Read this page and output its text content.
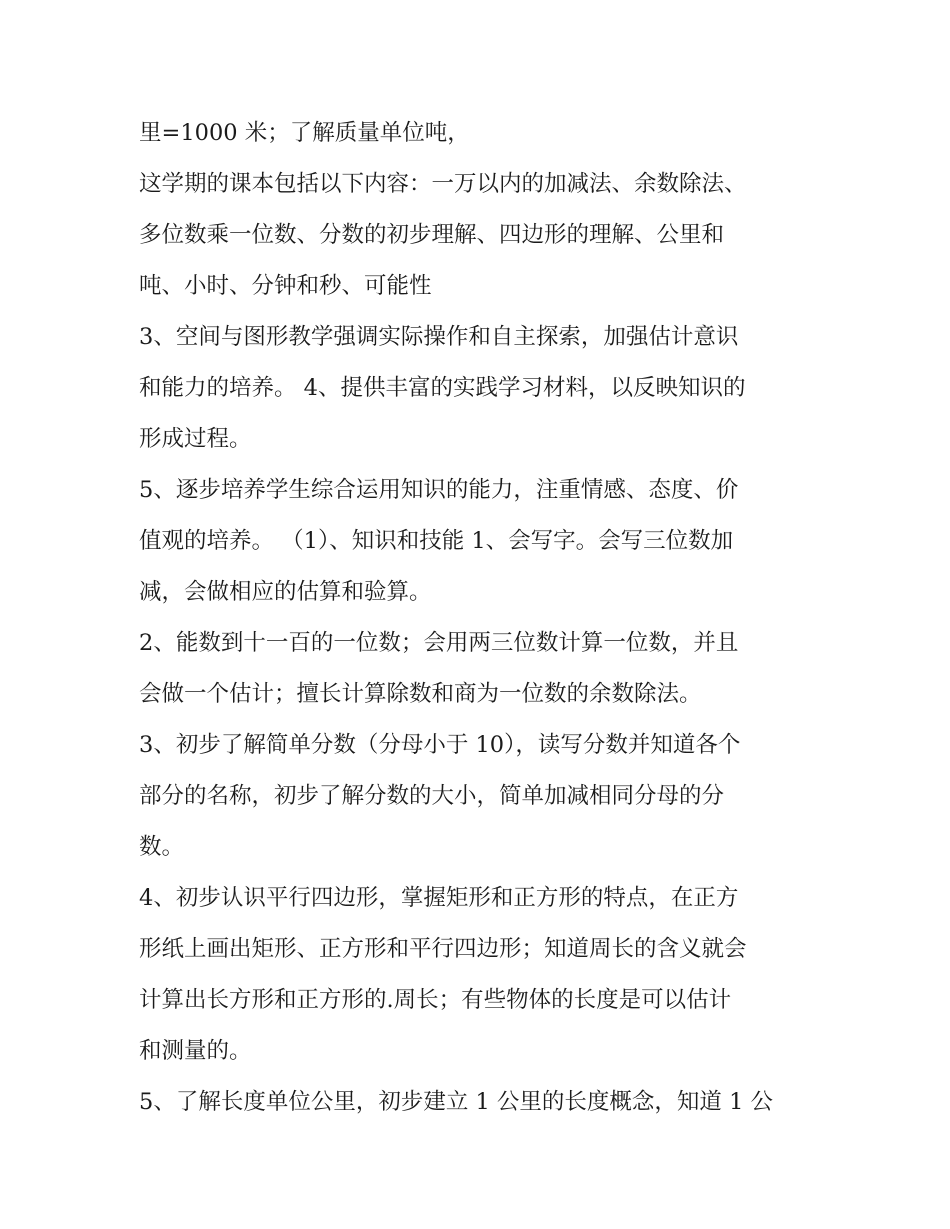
里=1000 米；了解质量单位吨，
这学期的课本包括以下内容：一万以内的加减法、余数除法、
多位数乘一位数、分数的初步理解、四边形的理解、公里和
吨、小时、分钟和秒、可能性
3、空间与图形教学强调实际操作和自主探索，加强估计意识
和能力的培养。 4、提供丰富的实践学习材料，以反映知识的
形成过程。
5、逐步培养学生综合运用知识的能力，注重情感、态度、价
值观的培养。 （1）、知识和技能 1、会写字。会写三位数加
减，会做相应的估算和验算。
2、能数到十一百的一位数；会用两三位数计算一位数，并且
会做一个估计；擅长计算除数和商为一位数的余数除法。
3、初步了解简单分数（分母小于 10），读写分数并知道各个
部分的名称，初步了解分数的大小，简单加减相同分母的分
数。
4、初步认识平行四边形，掌握矩形和正方形的特点，在正方
形纸上画出矩形、正方形和平行四边形；知道周长的含义就会
计算出长方形和正方形的.周长；有些物体的长度是可以估计
和测量的。
5、了解长度单位公里，初步建立 1 公里的长度概念，知道 1 公
